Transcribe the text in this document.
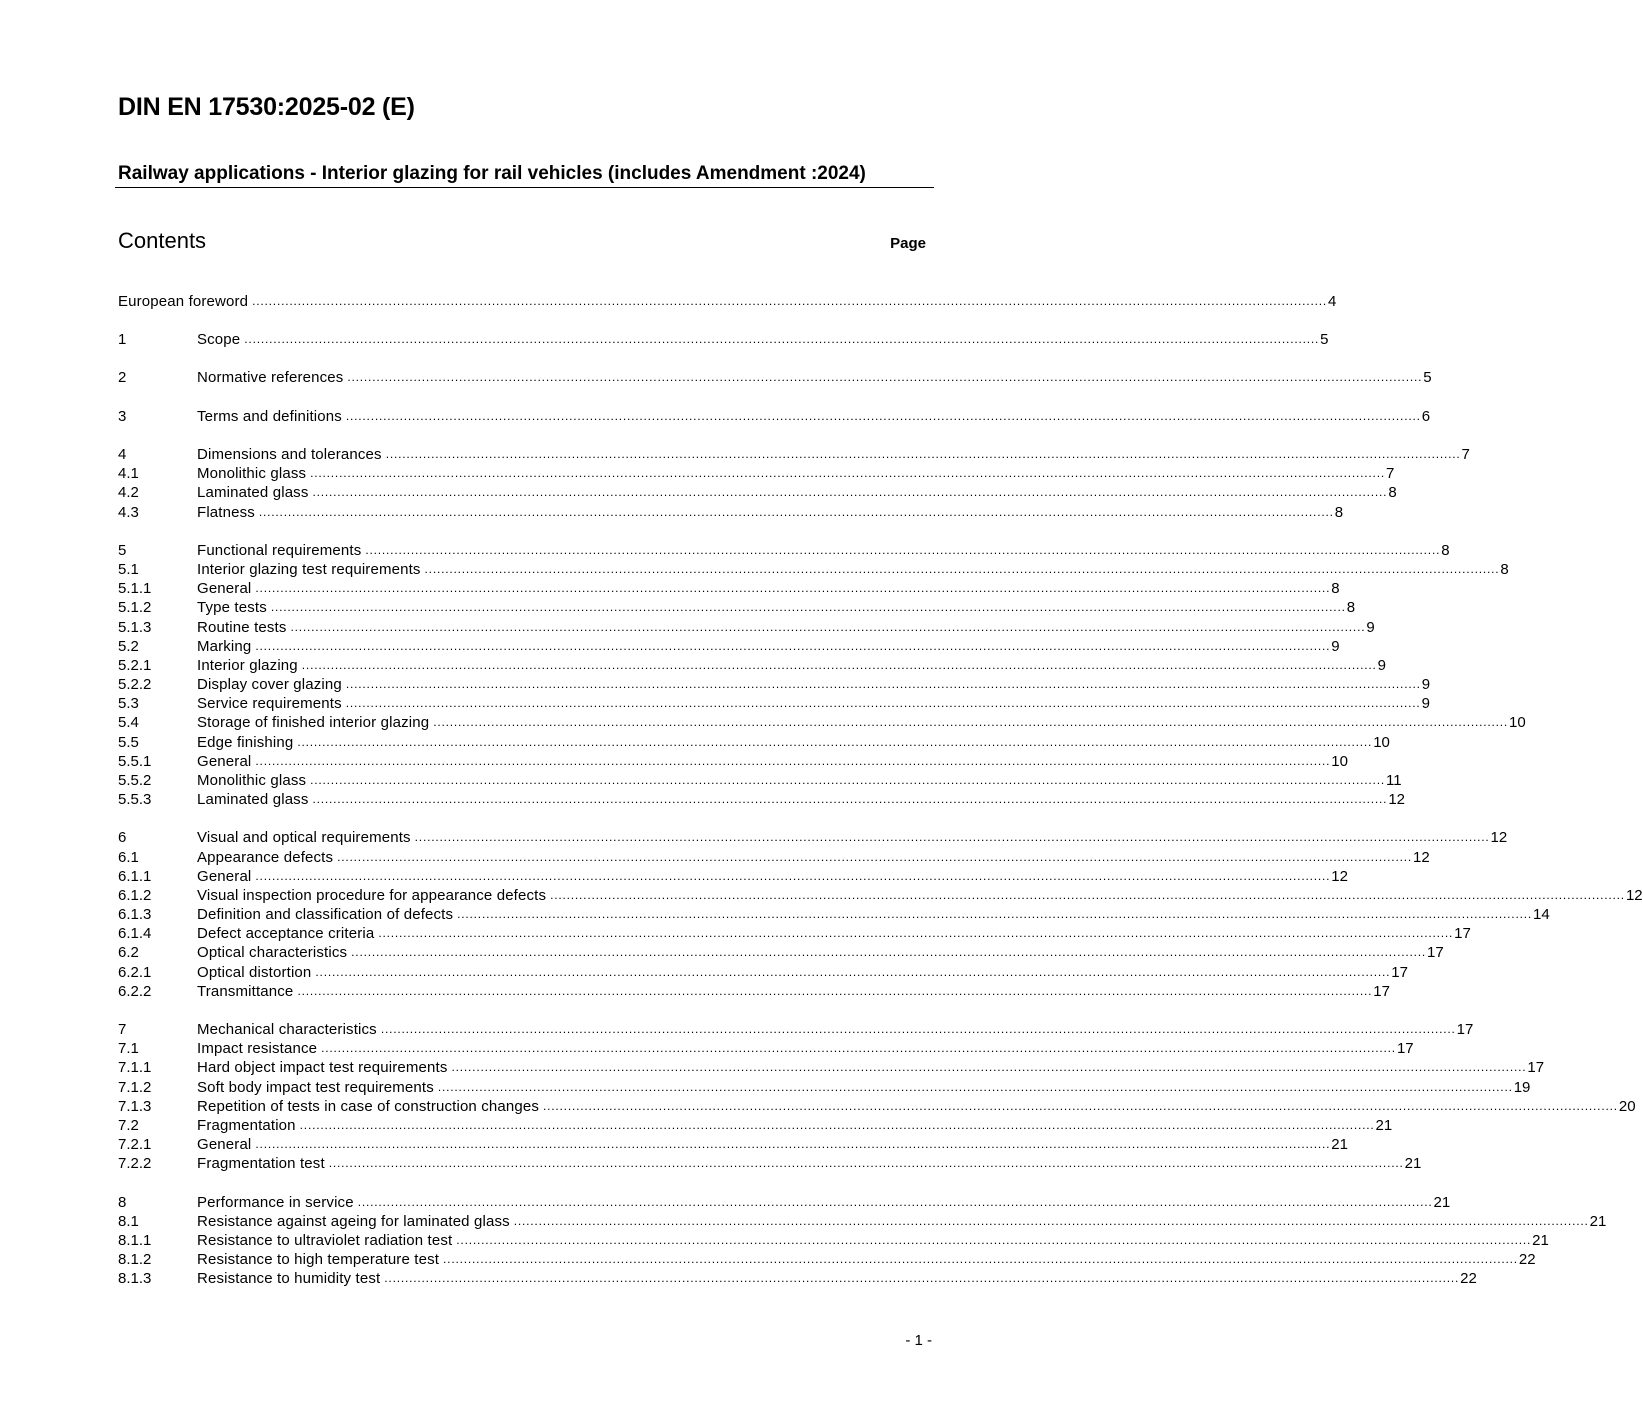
DIN EN 17530:2025-02 (E)
Railway applications - Interior glazing for rail vehicles (includes Amendment :2024)
Contents	Page
European foreword .................................................................................................................................................................................................................................................................... 4
1	Scope .................................................................................................................................................................................................................................................................... 5
2	Normative references .................................................................................................................................................................................................................................................................... 5
3	Terms and definitions .................................................................................................................................................................................................................................................................... 6
4	Dimensions and tolerances .................................................................................................................................................................................................................................................................... 7
4.1	Monolithic glass .................................................................................................................................................................................................................................................................... 7
4.2	Laminated glass .................................................................................................................................................................................................................................................................... 8
4.3	Flatness .................................................................................................................................................................................................................................................................... 8
5	Functional requirements .................................................................................................................................................................................................................................................................... 8
5.1	Interior glazing test requirements .................................................................................................................................................................................................................................................................... 8
5.1.1	General .................................................................................................................................................................................................................................................................... 8
5.1.2	Type tests .................................................................................................................................................................................................................................................................... 8
5.1.3	Routine tests .................................................................................................................................................................................................................................................................... 9
5.2	Marking .................................................................................................................................................................................................................................................................... 9
5.2.1	Interior glazing .................................................................................................................................................................................................................................................................... 9
5.2.2	Display cover glazing .................................................................................................................................................................................................................................................................... 9
5.3	Service requirements .................................................................................................................................................................................................................................................................... 9
5.4	Storage of finished interior glazing .................................................................................................................................................................................................................................................................... 10
5.5	Edge finishing .................................................................................................................................................................................................................................................................... 10
5.5.1	General .................................................................................................................................................................................................................................................................... 10
5.5.2	Monolithic glass .................................................................................................................................................................................................................................................................... 11
5.5.3	Laminated glass .................................................................................................................................................................................................................................................................... 12
6	Visual and optical requirements .................................................................................................................................................................................................................................................................... 12
6.1	Appearance defects .................................................................................................................................................................................................................................................................... 12
6.1.1	General .................................................................................................................................................................................................................................................................... 12
6.1.2	Visual inspection procedure for appearance defects .................................................................................................................................................................................................................................................................... 12
6.1.3	Definition and classification of defects .................................................................................................................................................................................................................................................................... 14
6.1.4	Defect acceptance criteria .................................................................................................................................................................................................................................................................... 17
6.2	Optical characteristics .................................................................................................................................................................................................................................................................... 17
6.2.1	Optical distortion .................................................................................................................................................................................................................................................................... 17
6.2.2	Transmittance .................................................................................................................................................................................................................................................................... 17
7	Mechanical characteristics .................................................................................................................................................................................................................................................................... 17
7.1	Impact resistance .................................................................................................................................................................................................................................................................... 17
7.1.1	Hard object impact test requirements .................................................................................................................................................................................................................................................................... 17
7.1.2	Soft body impact test requirements .................................................................................................................................................................................................................................................................... 19
7.1.3	Repetition of tests in case of construction changes .................................................................................................................................................................................................................................................................... 20
7.2	Fragmentation .................................................................................................................................................................................................................................................................... 21
7.2.1	General .................................................................................................................................................................................................................................................................... 21
7.2.2	Fragmentation test .................................................................................................................................................................................................................................................................... 21
8	Performance in service .................................................................................................................................................................................................................................................................... 21
8.1	Resistance against ageing for laminated glass .................................................................................................................................................................................................................................................................... 21
8.1.1	Resistance to ultraviolet radiation test .................................................................................................................................................................................................................................................................... 21
8.1.2	Resistance to high temperature test .................................................................................................................................................................................................................................................................... 22
8.1.3	Resistance to humidity test .................................................................................................................................................................................................................................................................... 22
- 1 -
